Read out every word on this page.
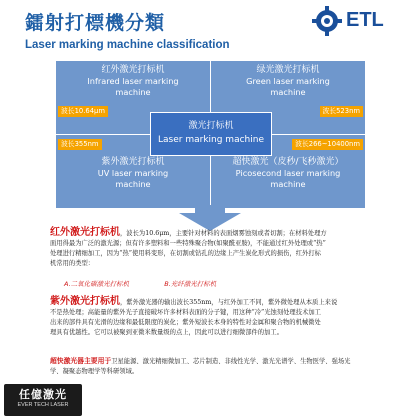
鐳射打標機分類
Laser marking machine classification
ETL
红外激光打标机
Infrared laser marking
machine
波长10.64μm
绿光激光打标机
Green laser marking
machine
波长523nm
波长355nm
紫外激光打标机
UV laser marking
machine
波长266~10400nm
超快激光（皮秒/飞秒激光）
Picosecond laser marking
machine
激光打标机
Laser marking machine
红外激光打标机，波长为10.6μm，主要针对材料的表面烟雾蚀刻或者切割；在材料处理方
面用得最为广泛的激光源；但有许多塑料和一些特殊聚合物(如聚酰亚胺)，不能通过红外处理或“热”
处理进行精细加工，因为“热”使用料变形，在切割或钻孔的边缘上产生炭化形式的损伤，红外打标
机常用的类型：
A.二氧化碳激光打标机	B.光纤激光打标机
紫外激光打标机，紫外激光器的输出波长355nm，与红外加工不同，紫外微处理从本质上来说
不是热处理；高能量的紫外光子直接破坏许多材料表面的分子键，用这种“冷”光蚀刻处理技术加工
出来的部件具有光滑的边缘和最低限度的炭化；紫外短波长本身的特性对金属和聚合物的机械微处
理具有优越性。它可以被聚到亚微米数量级的点上，因此可以进行细微部件的加工。
超快激光器主要用于卫星能源、激光精细微加工、芯片制造、非线性光学、激光光谱学、生物医学、强场光
学、凝聚态物理学等科研领域。
任億激光
EVER TECH LASER
